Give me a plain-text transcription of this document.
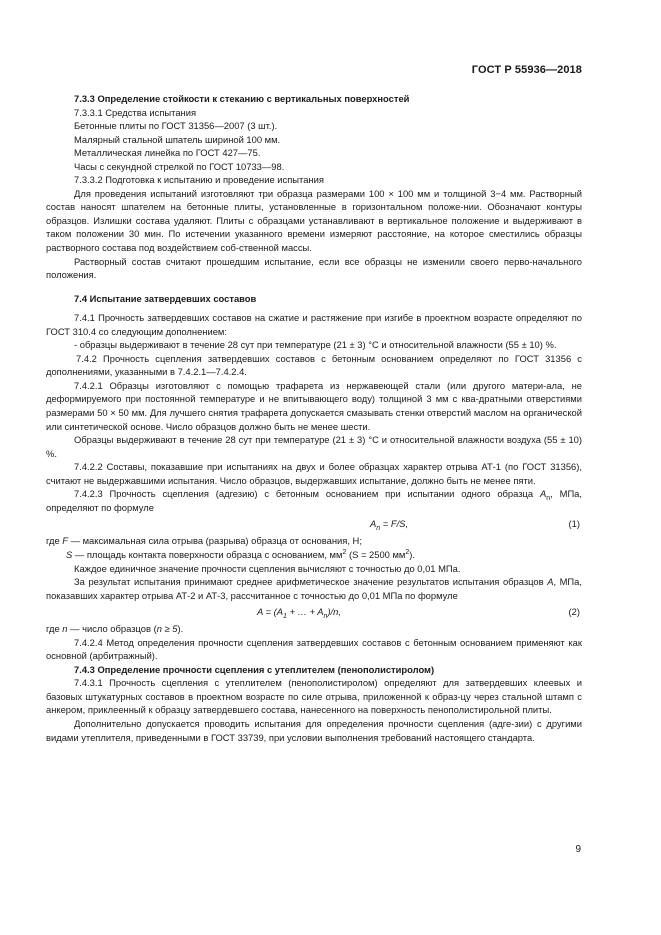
ГОСТ Р 55936—2018

7.3.3 Определение стойкости к стеканию с вертикальных поверхностей

7.3.3.1 Средства испытания

Бетонные плиты по ГОСТ 31356—2007 (3 шт.).

Малярный стальной шпатель шириной 100 мм.

Металлическая линейка по ГОСТ 427—75.

Часы с секундной стрелкой по ГОСТ 10733—98.

7.3.3.2 Подготовка к испытанию и проведение испытания

Для проведения испытаний изготовляют три образца размерами 100 × 100 мм и толщиной 3−4 мм. Растворный состав наносят шпателем на бетонные плиты, установленные в горизонтальном положе-нии. Обозначают контуры образцов. Излишки состава удаляют. Плиты с образцами устанавливают в вертикальное положение и выдерживают в таком положении 30 мин. По истечении указанного времени измеряют расстояние, на которое сместились образцы растворного состава под воздействием соб-ственной массы.

Растворный состав считают прошедшим испытание, если все образцы не изменили своего перво-начального положения.

7.4 Испытание затвердевших составов

7.4.1 Прочность затвердевших составов на сжатие и растяжение при изгибе в проектном возрасте определяют по ГОСТ 310.4 со следующим дополнением:

- образцы выдерживают в течение 28 сут при температуре (21 ± 3) °С и относительной влажности (55 ± 10) %.

7.4.2 Прочность сцепления затвердевших составов с бетонным основанием определяют по ГОСТ 31356 с дополнениями, указанными в 7.4.2.1—7.4.2.4.

7.4.2.1 Образцы изготовляют с помощью трафарета из нержавеющей стали (или другого матери-ала, не деформируемого при постоянной температуре и не впитывающего воду) толщиной 3 мм с ква-дратными отверстиями размерами 50 × 50 мм. Для лучшего снятия трафарета допускается смазывать стенки отверстий маслом на органической или синтетической основе. Число образцов должно быть не менее шести.

Образцы выдерживают в течение 28 сут при температуре (21 ± 3) °С и относительной влажности воздуха (55 ± 10) %.

7.4.2.2 Составы, показавшие при испытаниях на двух и более образцах характер отрыва АТ-1 (по ГОСТ 31356), считают не выдержавшими испытания. Число образцов, выдержавших испытание, должно быть не менее пяти.

7.4.2.3 Прочность сцепления (адгезию) с бетонным основанием при испытании одного образца $A_n$, МПа, определяют по формуле

$A_n = F/S$,	(1)

где F — максимальная сила отрыва (разрыва) образца от основания, Н;

S — площадь контакта поверхности образца с основанием, $мм^2$ (S = 2500 $мм^2$).

Каждое единичное значение прочности сцепления вычисляют с точностью до 0,01 МПа.

За результат испытания принимают среднее арифметическое значение результатов испытания образцов А, МПа, показавших характер отрыва АТ-2 и АТ-3, рассчитанное с точностью до 0,01 МПа по формуле

$A = (A_1$ + … + $A_n)/n$,	(2)

где n — число образцов (n ≥ 5).

7.4.2.4 Метод определения прочности сцепления затвердевших составов с бетонным основанием применяют как основной (арбитражный).

7.4.3 Определение прочности сцепления с утеплителем (пенополистиролом)

7.4.3.1 Прочность сцепления с утеплителем (пенополистиролом) определяют для затвердевших клеевых и базовых штукатурных составов в проектном возрасте по силе отрыва, приложенной к образ-цу через стальной штамп с анкером, приклеенный к образцу затвердевшего состава, нанесенного на поверхность пенополистирольной плиты.

Дополнительно допускается проводить испытания для определения прочности сцепления (адге-зии) с другими видами утеплителя, приведенными в ГОСТ 33739, при условии выполнения требований настоящего стандарта.

9
